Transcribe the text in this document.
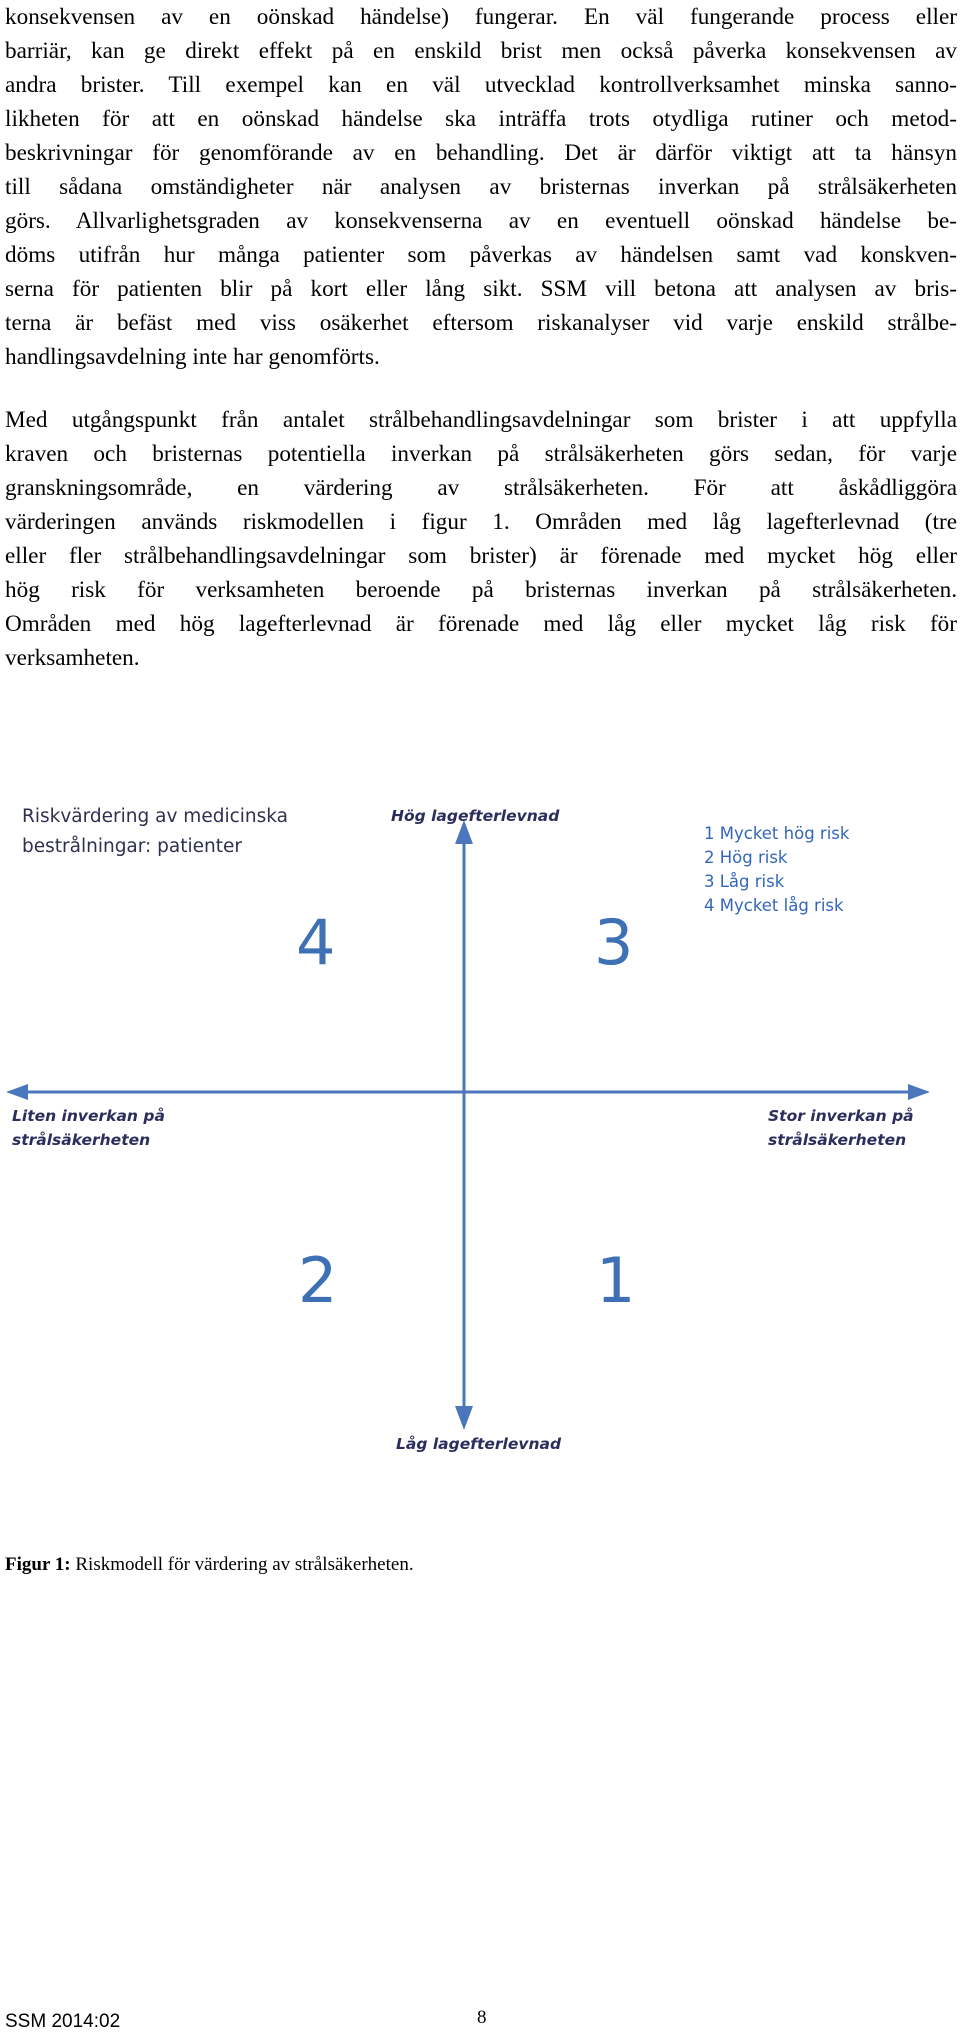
konsekvensen av en oönskad händelse) fungerar. En väl fungerande process eller
barriär, kan ge direkt effekt på en enskild brist men också påverka konsekvensen av
andra brister. Till exempel kan en väl utvecklad kontrollverksamhet minska sanno-
likheten för att en oönskad händelse ska inträffa trots otydliga rutiner och metod-
beskrivningar för genomförande av en behandling. Det är därför viktigt att ta hänsyn
till sådana omständigheter när analysen av bristernas inverkan på strålsäkerheten
görs. Allvarlighetsgraden av konsekvenserna av en eventuell oönskad händelse be-
döms utifrån hur många patienter som påverkas av händelsen samt vad konskven-
serna för patienten blir på kort eller lång sikt. SSM vill betona att analysen av bris-
terna är befäst med viss osäkerhet eftersom riskanalyser vid varje enskild strålbe-
handlingsavdelning inte har genomförts.
Med utgångspunkt från antalet strålbehandlingsavdelningar som brister i att uppfylla
kraven och bristernas potentiella inverkan på strålsäkerheten görs sedan, för varje
granskningsområde, en värdering av strålsäkerheten. För att åskådliggöra
värderingen används riskmodellen i figur 1. Områden med låg lagefterlevnad (tre
eller fler strålbehandlingsavdelningar som brister) är förenade med mycket hög eller
hög risk för verksamheten beroende på bristernas inverkan på strålsäkerheten.
Områden med hög lagefterlevnad är förenade med låg eller mycket låg risk för
verksamheten.
Riskvärdering av medicinska
bestrålningar: patienter
Hög lagefterlevnad
Låg lagefterlevnad
Liten inverkan på
strålsäkerheten
Stor inverkan på
strålsäkerheten
1 Mycket hög risk
2 Hög risk
3 Låg risk
4 Mycket låg risk
4	3
2	1

Figur 1: Riskmodell för värdering av strålsäkerheten.

SSM 2014:02	8
